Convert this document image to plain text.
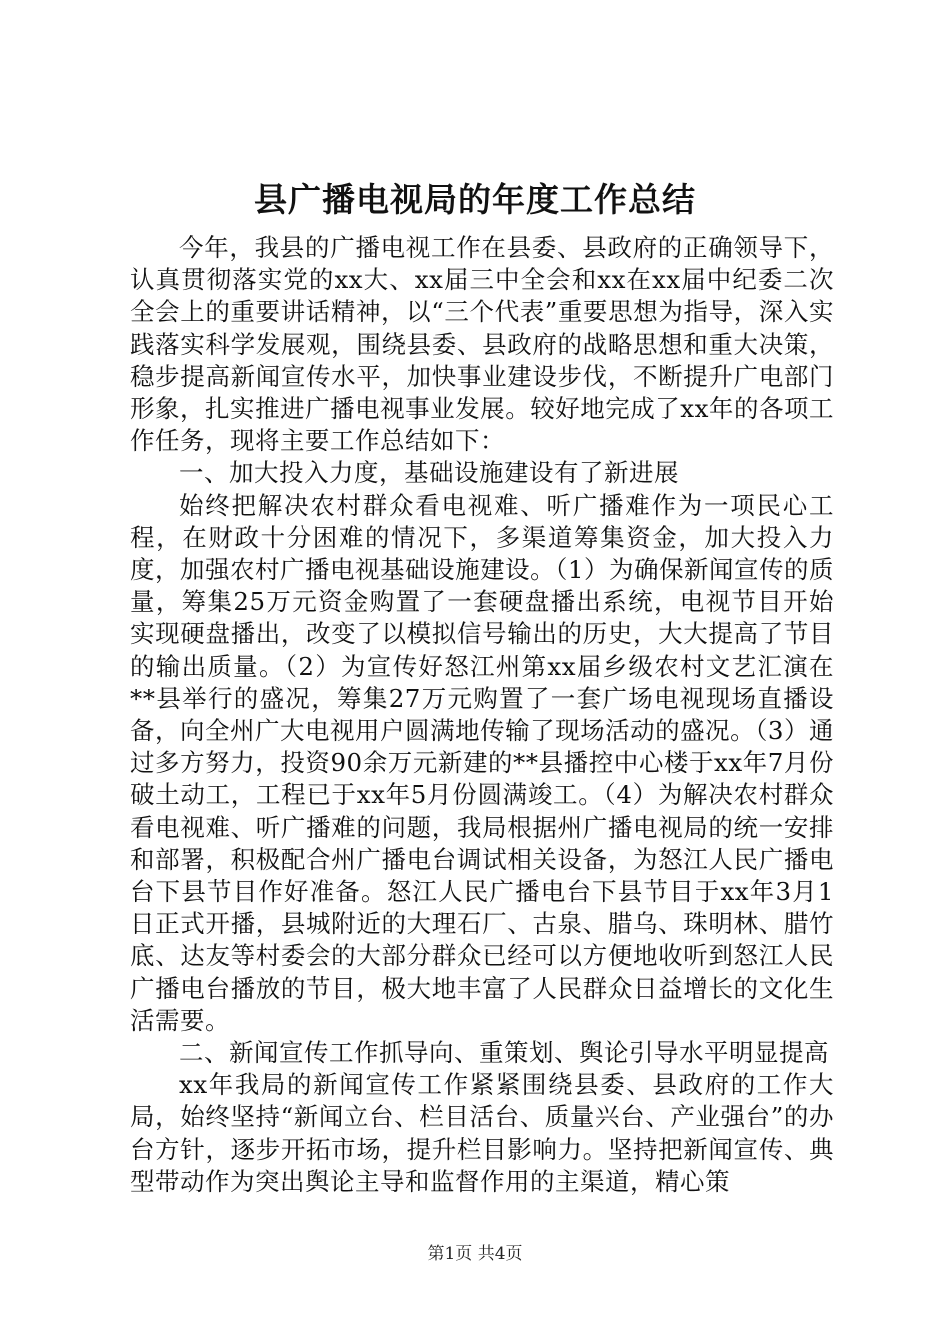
县广播电视局的年度工作总结

今年，我县的广播电视工作在县委、县政府的正确领导下，认真贯彻落实党的xx大、xx届三中全会和xx在xx届中纪委二次全会上的重要讲话精神，以“三个代表”重要思想为指导，深入实践落实科学发展观，围绕县委、县政府的战略思想和重大决策，稳步提高新闻宣传水平，加快事业建设步伐，不断提升广电部门形象，扎实推进广播电视事业发展。较好地完成了xx年的各项工作任务，现将主要工作总结如下：

一、加大投入力度，基础设施建设有了新进展

始终把解决农村群众看电视难、听广播难作为一项民心工程，在财政十分困难的情况下，多渠道筹集资金，加大投入力度，加强农村广播电视基础设施建设。（1）为确保新闻宣传的质量，筹集25万元资金购置了一套硬盘播出系统，电视节目开始实现硬盘播出，改变了以模拟信号输出的历史，大大提高了节目的输出质量。（2）为宣传好怒江州第xx届乡级农村文艺汇演在**县举行的盛况，筹集27万元购置了一套广场电视现场直播设备，向全州广大电视用户圆满地传输了现场活动的盛况。（3）通过多方努力，投资90余万元新建的**县播控中心楼于xx年7月份破土动工，工程已于xx年5月份圆满竣工。（4）为解决农村群众看电视难、听广播难的问题，我局根据州广播电视局的统一安排和部署，积极配合州广播电台调试相关设备，为怒江人民广播电台下县节目作好准备。怒江人民广播电台下县节目于xx年3月1日正式开播，县城附近的大理石厂、古泉、腊乌、珠明林、腊竹底、达友等村委会的大部分群众已经可以方便地收听到怒江人民广播电台播放的节目，极大地丰富了人民群众日益增长的文化生活需要。

二、新闻宣传工作抓导向、重策划、舆论引导水平明显提高

xx年我局的新闻宣传工作紧紧围绕县委、县政府的工作大局，始终坚持“新闻立台、栏目活台、质量兴台、产业强台”的办台方针，逐步开拓市场，提升栏目影响力。坚持把新闻宣传、典型带动作为突出舆论主导和监督作用的主渠道，精心策

第1页 共4页
